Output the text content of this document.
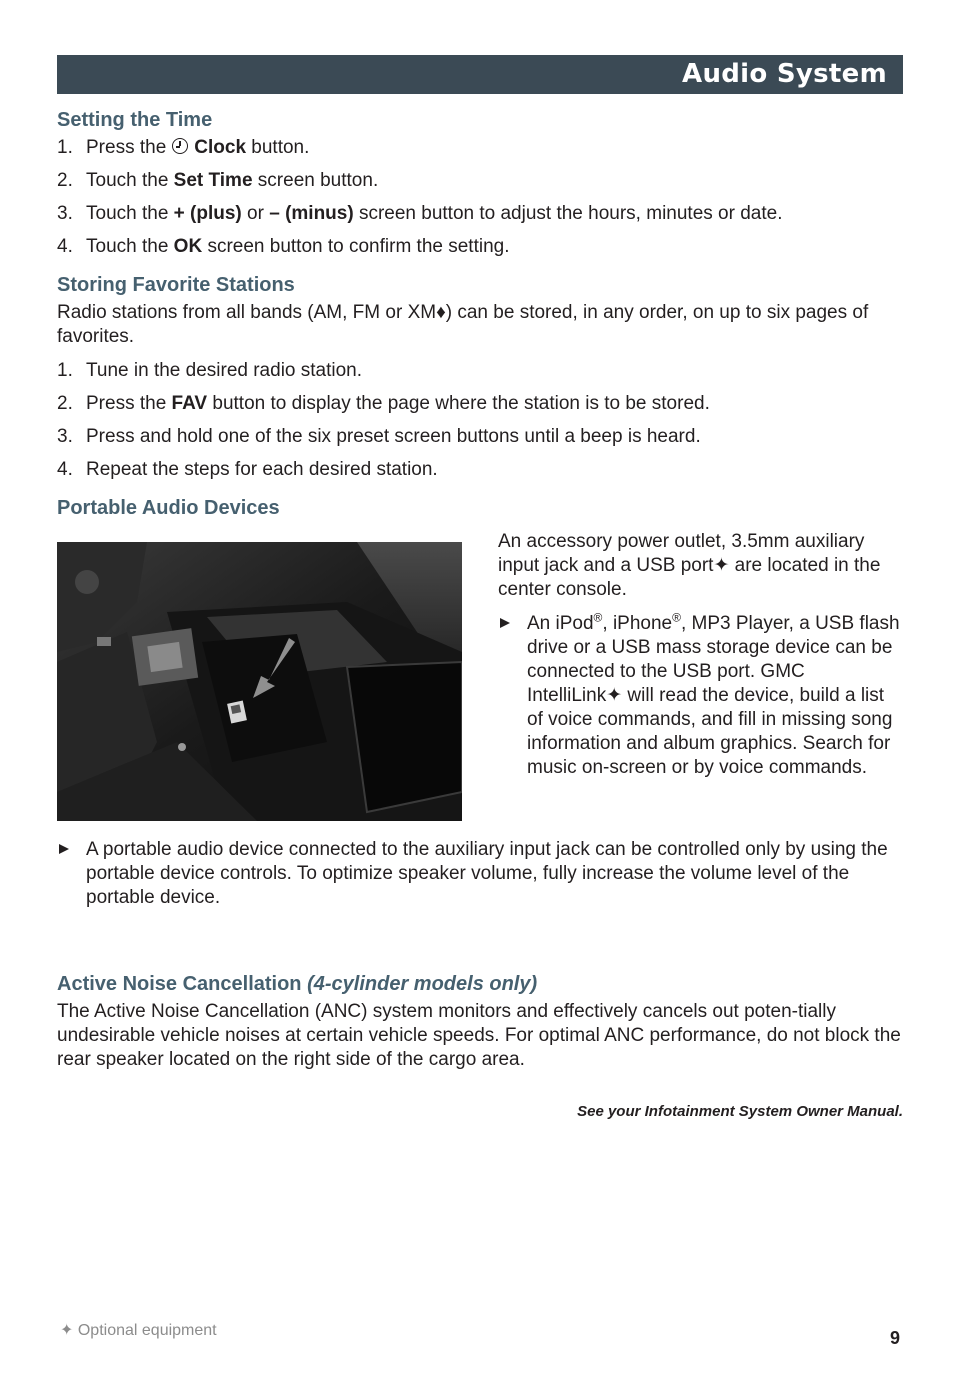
Audio System
Setting the Time
1. Press the Clock button.
2. Touch the Set Time screen button.
3. Touch the + (plus) or – (minus) screen button to adjust the hours, minutes or date.
4. Touch the OK screen button to confirm the setting.
Storing Favorite Stations

Radio stations from all bands (AM, FM or XM♦) can be stored, in any order, on up to six pages of favorites.

1. Tune in the desired radio station.
2. Press the FAV button to display the page where the station is to be stored.
3. Press and hold one of the six preset screen buttons until a beep is heard.
4. Repeat the steps for each desired station.
Portable Audio Devices

An accessory power outlet, 3.5mm auxiliary input jack and a USB port✦ are located in the center console.

An iPod®, iPhone®, MP3 Player, a USB flash drive or a USB mass storage device can be connected to the USB port. GMC IntelliLink✦ will read the device, build a list of voice commands, and fill in missing song information and album graphics. Search for music on-screen or by voice commands.
A portable audio device connected to the auxiliary input jack can be controlled only by using the portable device controls. To optimize speaker volume, fully increase the volume level of the portable device.
Active Noise Cancellation (4-cylinder models only)

The Active Noise Cancellation (ANC) system monitors and effectively cancels out poten-tially undesirable vehicle noises at certain vehicle speeds. For optimal ANC performance, do not block the rear speaker located on the right side of the cargo area.

See your Infotainment System Owner Manual.
✦ Optional equipment	9
